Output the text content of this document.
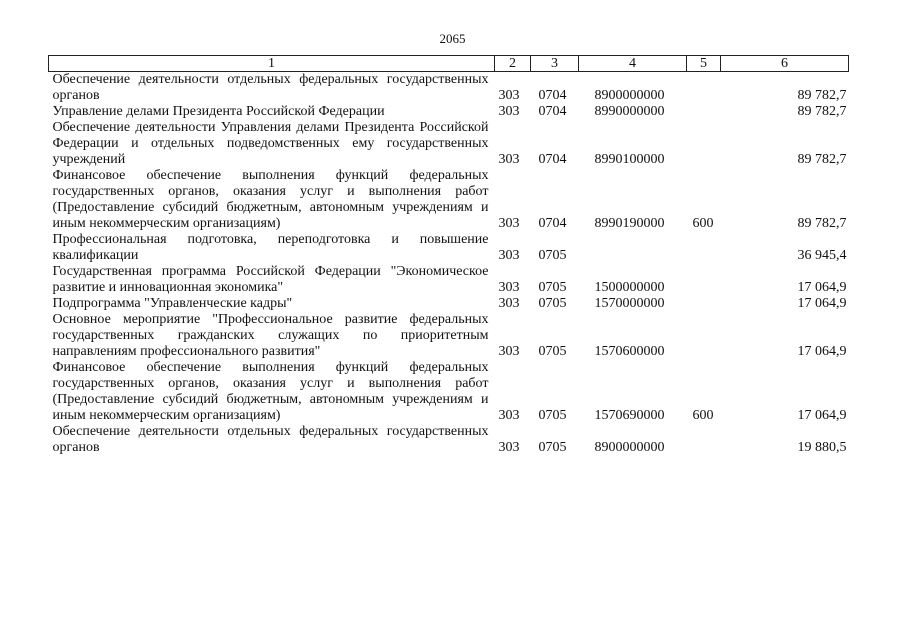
2065
1	2	3	4	5	6
Обеспечение деятельности отдельных федеральных государственных органов	303	0704	8900000000		89 782,7
Управление делами Президента Российской Федерации	303	0704	8990000000		89 782,7
Обеспечение деятельности Управления делами Президента Российской Федерации и отдельных подведомственных ему государственных учреждений	303	0704	8990100000		89 782,7
Финансовое обеспечение выполнения функций федеральных государственных органов, оказания услуг и выполнения работ (Предоставление субсидий бюджетным, автономным учреждениям и иным некоммерческим организациям)	303	0704	8990190000	600	89 782,7
Профессиональная подготовка, переподготовка и повышение квалификации	303	0705			36 945,4
Государственная программа Российской Федерации "Экономическое развитие и инновационная экономика"	303	0705	1500000000		17 064,9
Подпрограмма "Управленческие кадры"	303	0705	1570000000		17 064,9
Основное мероприятие "Профессиональное развитие федеральных государственных гражданских служащих по приоритетным направлениям профессионального развития"	303	0705	1570600000		17 064,9
Финансовое обеспечение выполнения функций федеральных государственных органов, оказания услуг и выполнения работ (Предоставление субсидий бюджетным, автономным учреждениям и иным некоммерческим организациям)	303	0705	1570690000	600	17 064,9
Обеспечение деятельности отдельных федеральных государственных органов	303	0705	8900000000		19 880,5
